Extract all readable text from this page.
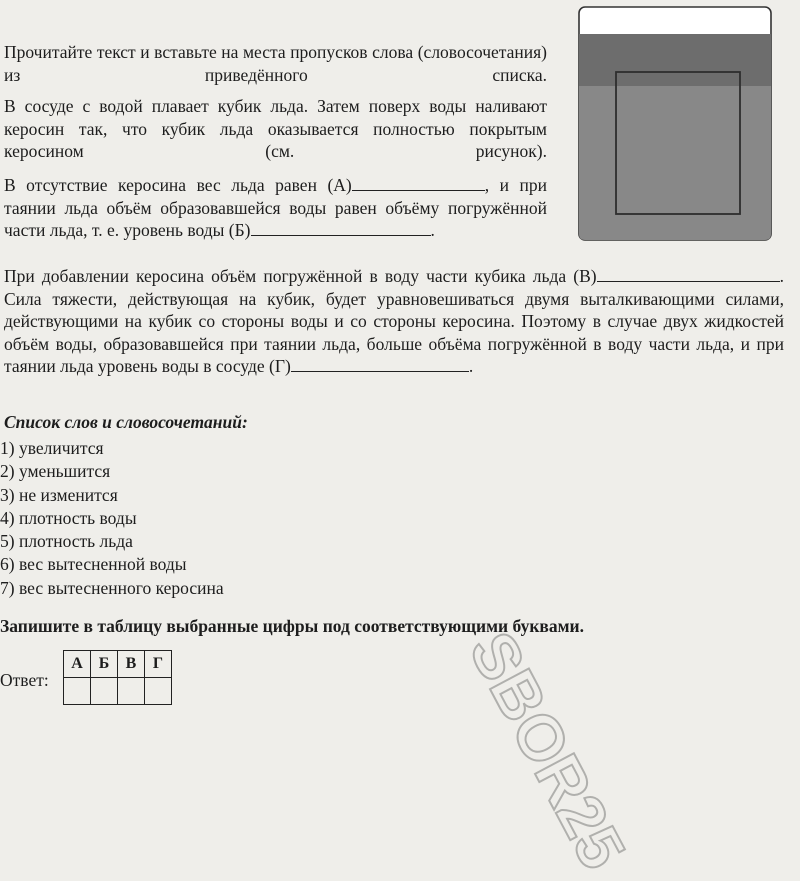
Прочитайте текст и вставьте на места пропусков слова (словосочетания) из приведённого списка.

В сосуде с водой плавает кубик льда. Затем поверх воды наливают керосин так, что кубик льда оказывается полностью покрытым керосином (см. рисунок).

В отсутствие керосина вес льда равен (А)	, и при таянии льда объём образовавшейся воды равен объёму погружённой части льда, т. е. уровень воды (Б)	.

При добавлении керосина объём погружённой в воду части кубика льда (В)	. Сила тяжести, действующая на кубик, будет уравновешиваться двумя выталкивающими силами, действующими на кубик со стороны воды и со стороны керосина. Поэтому в случае двух жидкостей объём воды, образовавшейся при таянии льда, больше объёма погружённой в воду части льда, и при таянии льда уровень воды в сосуде (Г)	.

Список слов и словосочетаний:

1) увеличится
2) уменьшится
3) не изменится
4) плотность воды
5) плотность льда
6) вес вытесненной воды
7) вес вытесненного керосина

Запишите в таблицу выбранные цифры под соответствующими буквами.

Ответ:
А	Б	В	Г
				SBOR25
